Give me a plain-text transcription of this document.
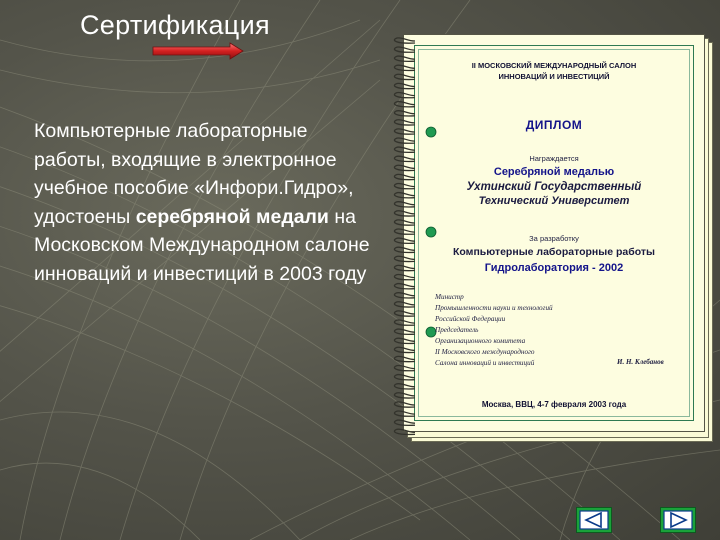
Сертификация
Компьютерные лабораторные работы, входящие в электронное учебное пособие «Инфори.Гидро», удостоены серебряной медали на Московском Международном салоне инноваций и инвестиций в 2003 году
II МОСКОВСКИЙ МЕЖДУНАРОДНЫЙ САЛОН
ИННОВАЦИЙ И ИНВЕСТИЦИЙ
ДИПЛОМ
Награждается
Серебряной медалью
Ухтинский Государственный
Технический Университет
За разработку
Компьютерные лабораторные работы
Гидролаборатория - 2002
Министр
Промышленности науки и технологий
Российской Федерации
Председатель
Организационного комитета
II Московского международного
Салона инноваций и инвестиций	И. Н. Клебанов
Москва, ВВЦ, 4-7 февраля 2003 года
